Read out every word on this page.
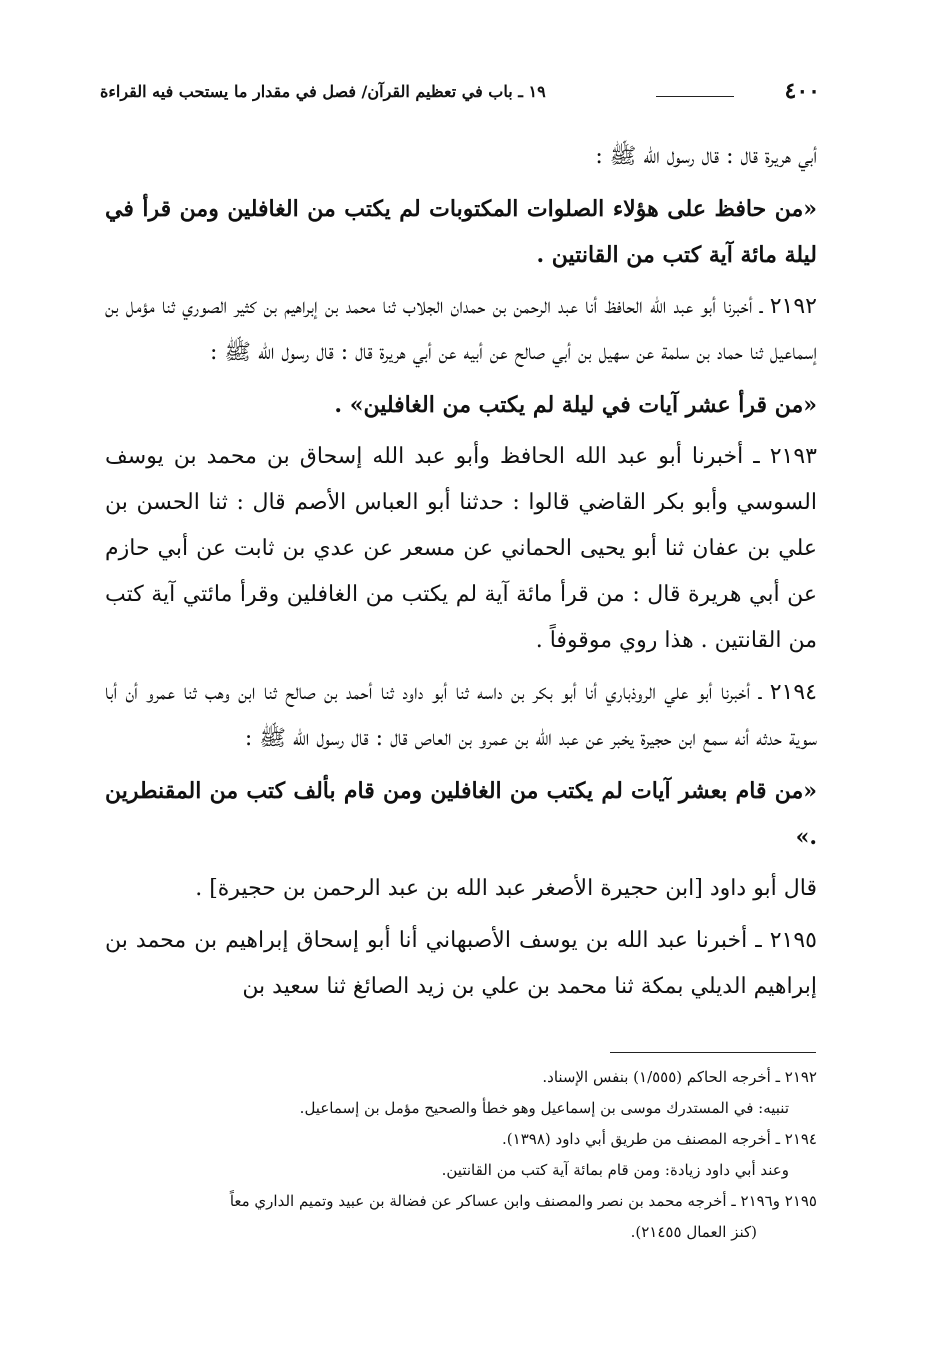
٤٠٠
١٩ ـ باب في تعظيم القرآن/ فصل في مقدار ما يستحب فيه القراءة

أبي هريرة قال : قال رسول الله ﷺ :

«من حافظ على هؤلاء الصلوات المكتوبات لم يكتب من الغافلين ومن قرأ في ليلة مائة آية كتب من القانتين .

٢١٩٢ ـ أخبرنا أبو عبد الله الحافظ أنا عبد الرحمن بن حمدان الجلاب ثنا محمد بن إبراهيم بن كثير الصوري ثنا مؤمل بن إسماعيل ثنا حماد بن سلمة عن سهيل بن أبي صالح عن أبيه عن أبي هريرة قال : قال رسول الله ﷺ :

«من قرأ عشر آيات في ليلة لم يكتب من الغافلين» .

٢١٩٣ ـ أخبرنا أبو عبد الله الحافظ وأبو عبد الله إسحاق بن محمد بن يوسف السوسي وأبو بكر القاضي قالوا : حدثنا أبو العباس الأصم قال : ثنا الحسن بن علي بن عفان ثنا أبو يحيى الحماني عن مسعر عن عدي بن ثابت عن أبي حازم عن أبي هريرة قال : من قرأ مائة آية لم يكتب من الغافلين وقرأ مائتي آية كتب من القانتين . هذا روي موقوفاً .

٢١٩٤ ـ أخبرنا أبو علي الروذباري أنا أبو بكر بن داسه ثنا أبو داود ثنا أحمد بن صالح ثنا ابن وهب ثنا عمرو أن أبا سوية حدثه أنه سمع ابن حجيرة يخبر عن عبد الله بن عمرو بن العاص قال : قال رسول الله ﷺ :

«من قام بعشر آيات لم يكتب من الغافلين ومن قام بألف كتب من المقنطرين .»

قال أبو داود [ابن حجيرة الأصغر عبد الله بن عبد الرحمن بن حجيرة] .

٢١٩٥ ـ أخبرنا عبد الله بن يوسف الأصبهاني أنا أبو إسحاق إبراهيم بن محمد بن إبراهيم الديلي بمكة ثنا محمد بن علي بن زيد الصائغ ثنا سعيد بن

٢١٩٢ ـ أخرجه الحاكم (١/٥٥٥) بنفس الإسناد.
تنبيه: في المستدرك موسى بن إسماعيل وهو خطأ والصحيح مؤمل بن إسماعيل.
٢١٩٤ ـ أخرجه المصنف من طريق أبي داود (١٣٩٨).
وعند أبي داود زيادة: ومن قام بمائة آية كتب من القانتين.
٢١٩٥ و٢١٩٦ ـ أخرجه محمد بن نصر والمصنف وابن عساكر عن فضالة بن عبيد وتميم الداري معاً
(كنز العمال ٢١٤٥٥).
